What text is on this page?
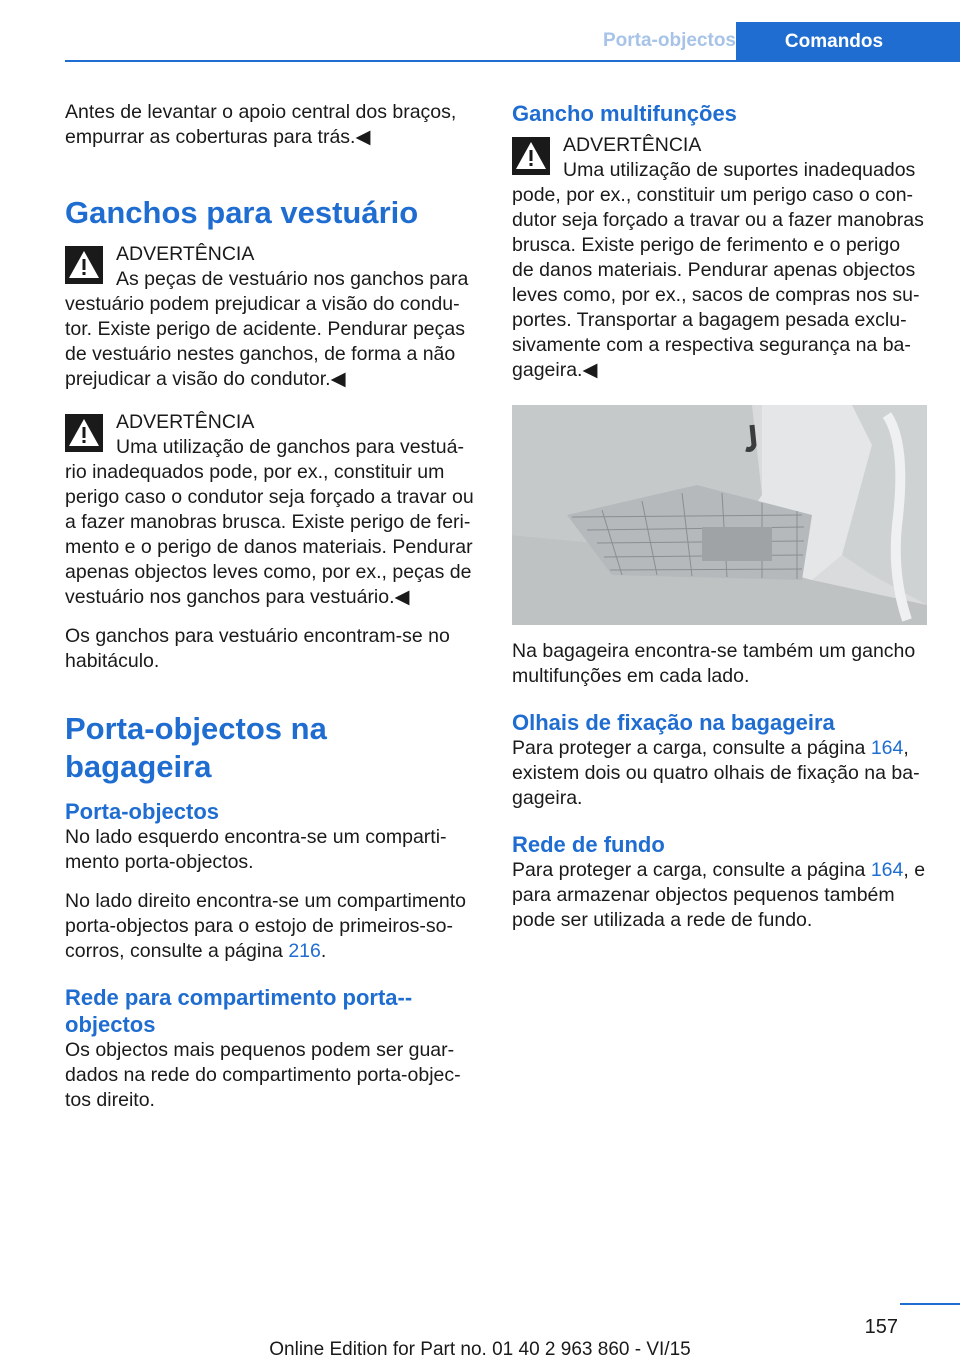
Porta-objectos	Comandos

Antes de levantar o apoio central dos braços, empurrar as coberturas para trás.◀

Ganchos para vestuário
ADVERTÊNCIA
As peças de vestuário nos ganchos para

vestuário podem prejudicar a visão do condu-tor. Existe perigo de acidente. Pendurar peças de vestuário nestes ganchos, de forma a não prejudicar a visão do condutor.◀

ADVERTÊNCIA
Uma utilização de ganchos para vestuá-

rio inadequados pode, por ex., constituir um perigo caso o condutor seja forçado a travar ou a fazer manobras brusca. Existe perigo de feri-mento e o perigo de danos materiais. Pendurar apenas objectos leves como, por ex., peças de vestuário nos ganchos para vestuário.◀

Os ganchos para vestuário encontram-se no habitáculo.

Porta-objectos na bagageira
Porta-objectos

No lado esquerdo encontra-se um comparti-mento porta-objectos.

No lado direito encontra-se um compartimento porta-objectos para o estojo de primeiros-so-corros, consulte a página 216.

Rede para compartimento porta--objectos

Os objectos mais pequenos podem ser guar-dados na rede do compartimento porta-objec-tos direito.

Gancho multifunções
ADVERTÊNCIA
Uma utilização de suportes inadequados

pode, por ex., constituir um perigo caso o con-dutor seja forçado a travar ou a fazer manobras brusca. Existe perigo de ferimento e o perigo de danos materiais. Pendurar apenas objectos leves como, por ex., sacos de compras nos su-portes. Transportar a bagagem pesada exclu-sivamente com a respectiva segurança na ba-gageira.◀

Na bagageira encontra-se também um gancho multifunções em cada lado.

Olhais de fixação na bagageira

Para proteger a carga, consulte a página 164, existem dois ou quatro olhais de fixação na ba-gageira.

Rede de fundo

Para proteger a carga, consulte a página 164, e para armazenar objectos pequenos também pode ser utilizada a rede de fundo.

157
Online Edition for Part no. 01 40 2 963 860 - VI/15
